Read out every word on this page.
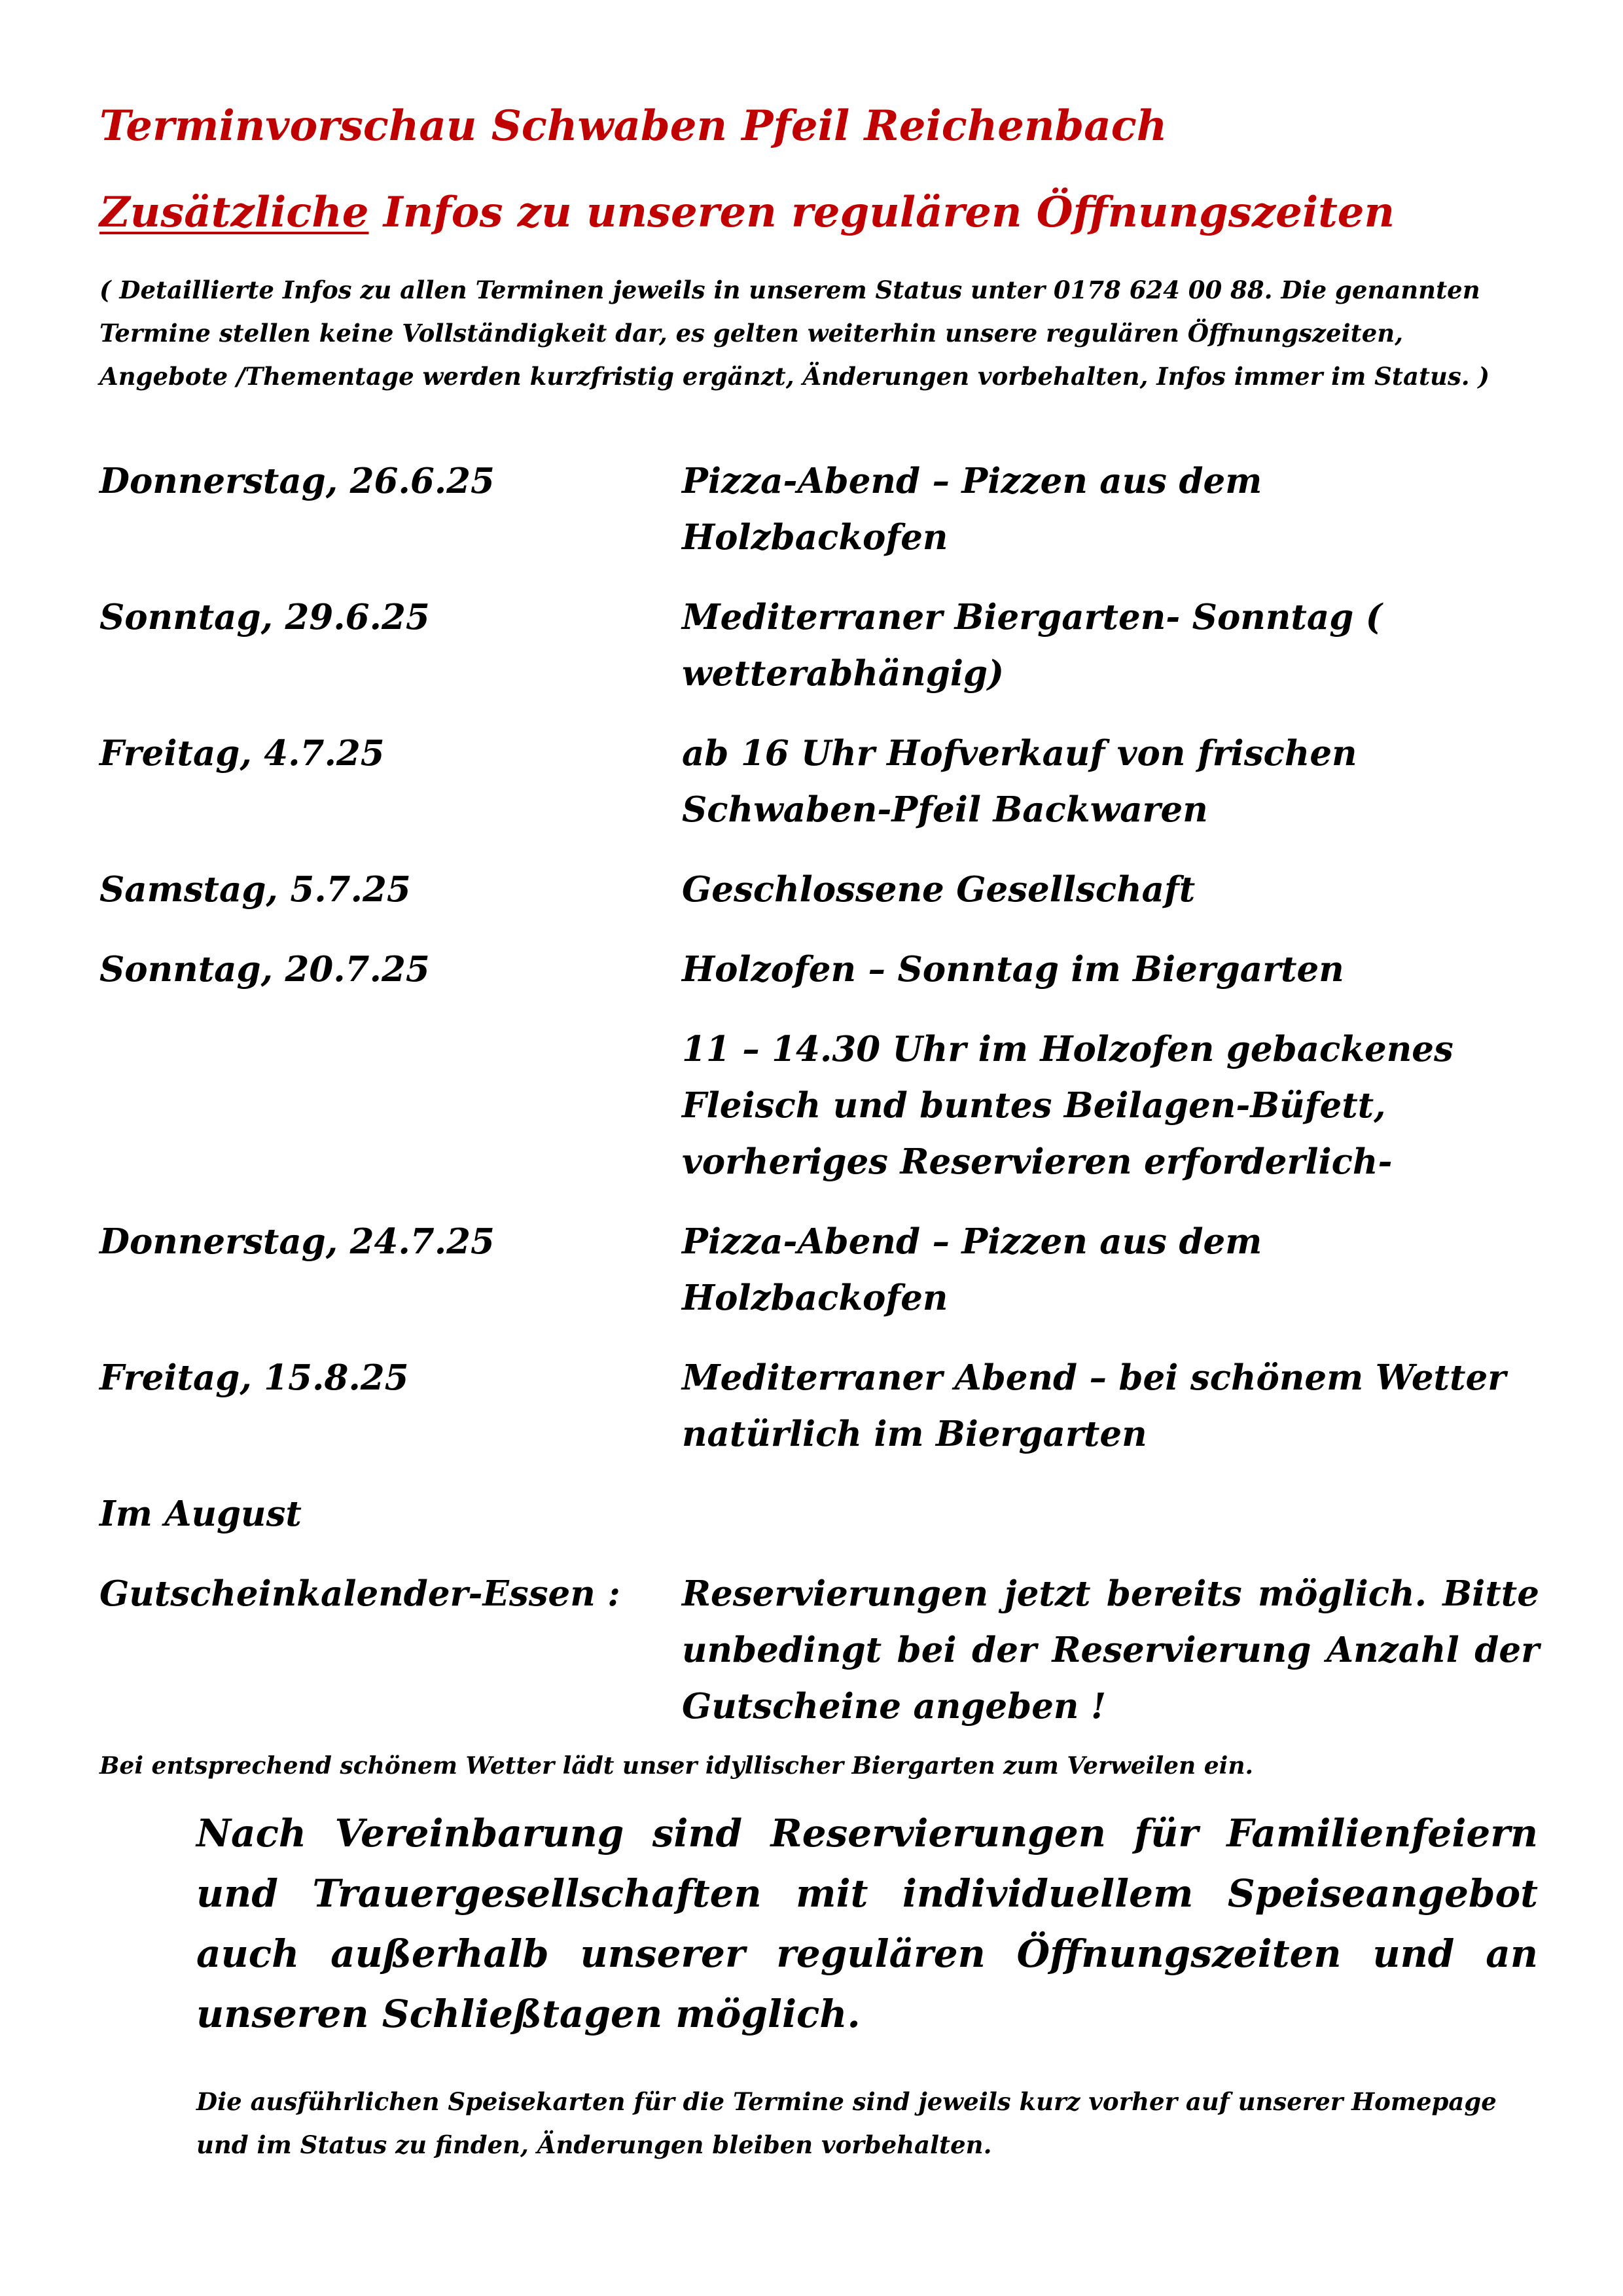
Terminvorschau Schwaben Pfeil Reichenbach
Zusätzliche Infos zu unseren regulären Öffnungszeiten
( Detaillierte Infos zu allen Terminen jeweils in unserem Status unter 0178 624 00 88. Die genannten Termine stellen keine Vollständigkeit dar, es gelten weiterhin unsere regulären Öffnungszeiten, Angebote /Thementage werden kurzfristig ergänzt, Änderungen vorbehalten, Infos immer im Status. )
Donnerstag, 26.6.25	Pizza-Abend – Pizzen aus dem Holzbackofen
Sonntag, 29.6.25	Mediterraner Biergarten- Sonntag ( wetterabhängig)
Freitag, 4.7.25	ab 16 Uhr Hofverkauf von frischen Schwaben-Pfeil Backwaren
Samstag, 5.7.25	Geschlossene Gesellschaft
Sonntag, 20.7.25	Holzofen – Sonntag im Biergarten
11 – 14.30 Uhr im Holzofen gebackenes Fleisch und buntes Beilagen-Büfett, vorheriges Reservieren erforderlich-
Donnerstag, 24.7.25	Pizza-Abend – Pizzen aus dem Holzbackofen
Freitag, 15.8.25	Mediterraner Abend – bei schönem Wetter natürlich im Biergarten
Im August
Gutscheinkalender-Essen :	Reservierungen jetzt bereits möglich. Bitte unbedingt bei der Reservierung Anzahl der Gutscheine angeben !
Bei entsprechend schönem Wetter lädt unser idyllischer Biergarten zum Verweilen ein.
Nach Vereinbarung sind Reservierungen für Familienfeiern und Trauergesellschaften mit individuellem Speiseangebot auch außerhalb unserer regulären Öffnungszeiten und an unseren Schließtagen möglich.
Die ausführlichen Speisekarten für die Termine sind jeweils kurz vorher auf unserer Homepage und im Status zu finden, Änderungen bleiben vorbehalten.
